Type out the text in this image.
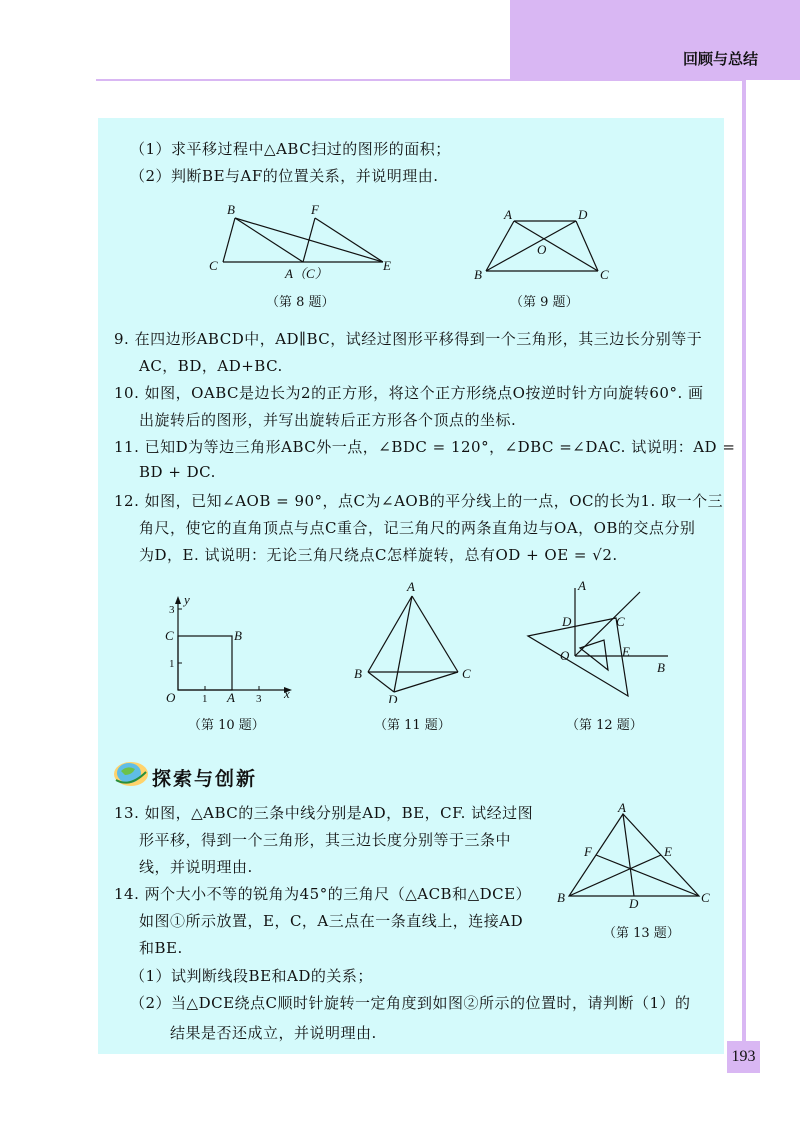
回顾与总结
（1）求平移过程中△ABC扫过的图形的面积；
（2）判断BE与AF的位置关系，并说明理由.
B	F
C
A（C）
E
（第 8 题）
A	D
O
B	C
（第 9 题）
9. 在四边形ABCD中，AD∥BC，试经过图形平移得到一个三角形，其三边长分别等于
AC，BD，AD+BC.
10. 如图，OABC是边长为2的正方形，将这个正方形绕点O按逆时针方向旋转60°. 画
出旋转后的图形，并写出旋转后正方形各个顶点的坐标.
11. 已知D为等边三角形ABC外一点，∠BDC = 120°，∠DBC =∠DAC. 试说明：AD =
BD + DC.
12. 如图，已知∠AOB = 90°，点C为∠AOB的平分线上的一点，OC的长为1. 取一个三
角尺，使它的直角顶点与点C重合，记三角尺的两条直角边与OA，OB的交点分别
为D，E. 试说明：无论三角尺绕点C怎样旋转，总有OD + OE = √2.
y
x
O	A
B
C
1	3
1
3
（第 10 题）
A
B	C
D
（第 11 题）
A
B
C
D
E
O
（第 12 题）
探索与创新
13. 如图，△ABC的三条中线分别是AD，BE，CF. 试经过图
形平移，得到一个三角形，其三边长度分别等于三条中
线，并说明理由.
14. 两个大小不等的锐角为45°的三角尺（△ACB和△DCE）
如图①所示放置，E，C，A三点在一条直线上，连接AD
和BE.
A
B	C
D
E
F
（第 13 题）
（1）试判断线段BE和AD的关系；
（2）当△DCE绕点C顺时针旋转一定角度到如图②所示的位置时，请判断（1）的
结果是否还成立，并说明理由.
193
